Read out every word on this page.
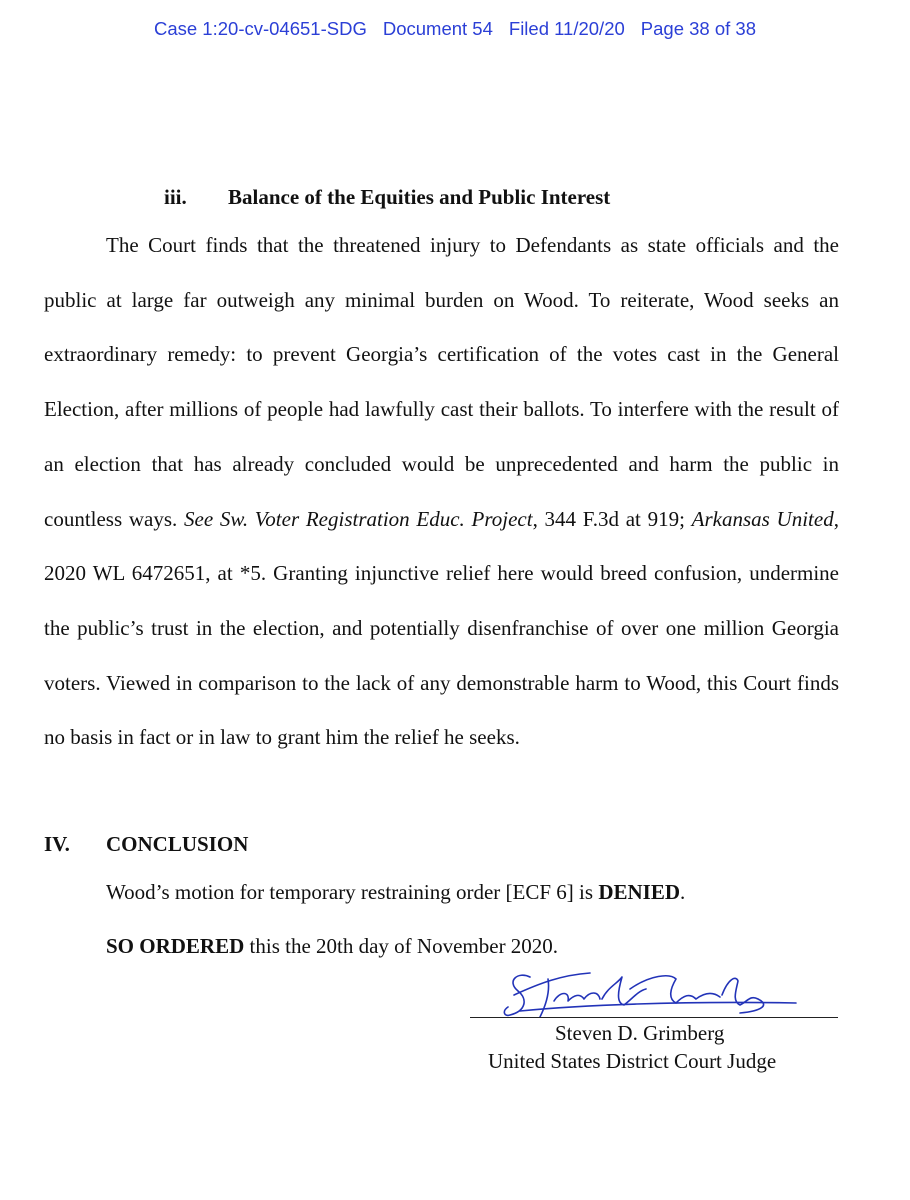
Case 1:20-cv-04651-SDG Document 54 Filed 11/20/20 Page 38 of 38
iii. Balance of the Equities and Public Interest
The Court finds that the threatened injury to Defendants as state officials and the public at large far outweigh any minimal burden on Wood. To reiterate, Wood seeks an extraordinary remedy: to prevent Georgia’s certification of the votes cast in the General Election, after millions of people had lawfully cast their ballots. To interfere with the result of an election that has already concluded would be unprecedented and harm the public in countless ways. See Sw. Voter Registration Educ. Project, 344 F.3d at 919; Arkansas United, 2020 WL 6472651, at *5. Granting injunctive relief here would breed confusion, undermine the public’s trust in the election, and potentially disenfranchise of over one million Georgia voters. Viewed in comparison to the lack of any demonstrable harm to Wood, this Court finds no basis in fact or in law to grant him the relief he seeks.
IV. CONCLUSION
Wood’s motion for temporary restraining order [ECF 6] is DENIED.
SO ORDERED this the 20th day of November 2020.
Steven D. Grimberg
United States District Court Judge
